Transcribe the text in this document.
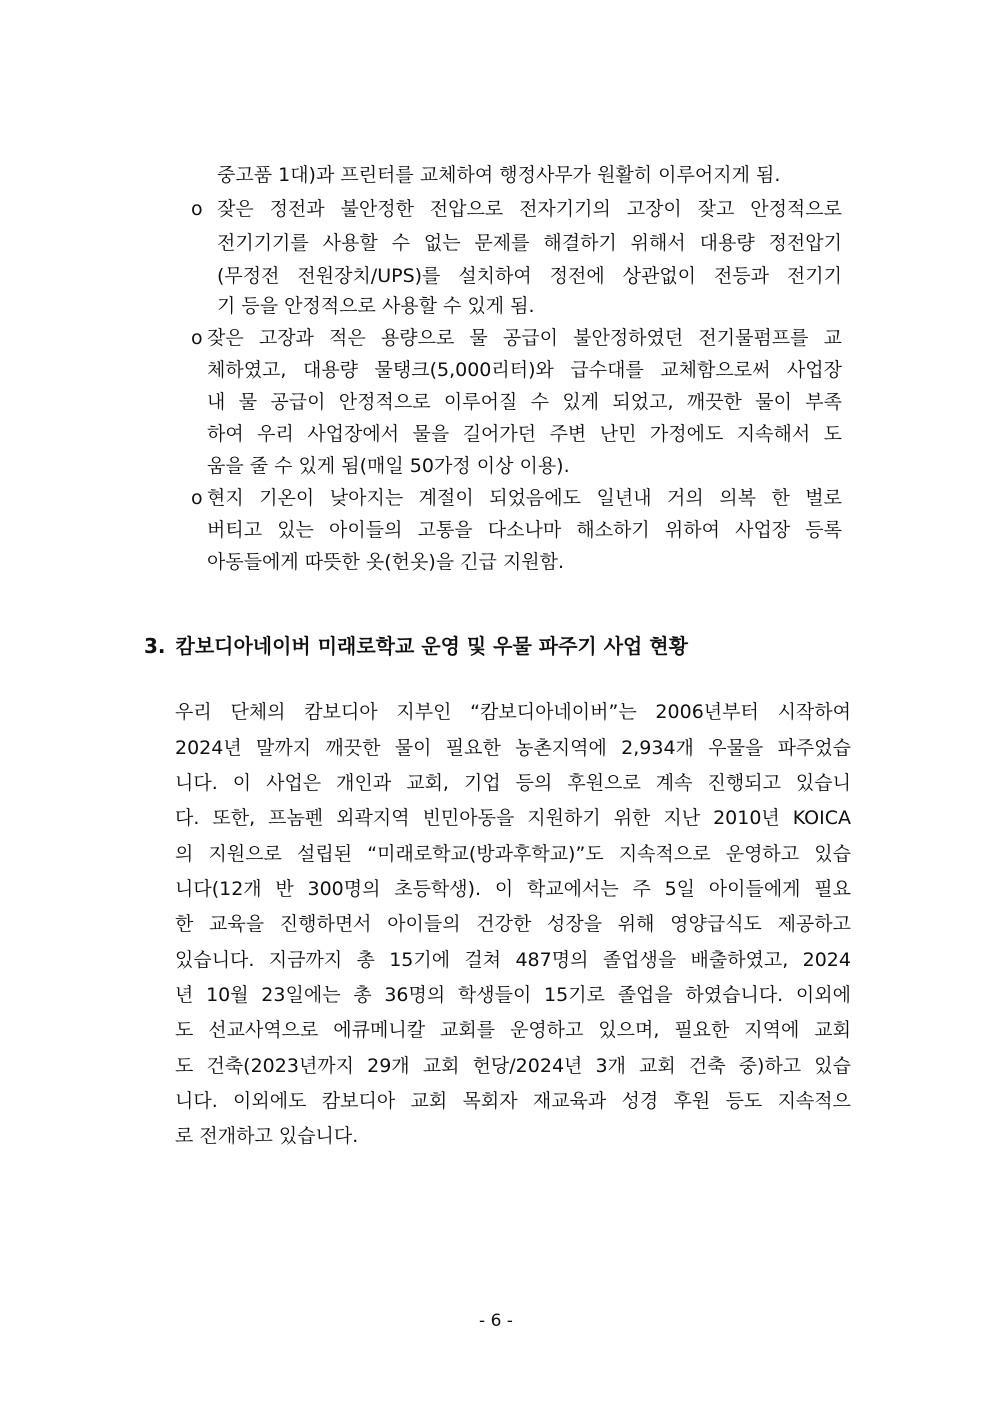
중고품 1대)과 프린터를 교체하여 행정사무가 원활히 이루어지게 됨.
o 잦은 정전과 불안정한 전압으로 전자기기의 고장이 잦고 안정적으로
전기기기를 사용할 수 없는 문제를 해결하기 위해서 대용량 정전압기
(무정전 전원장치/UPS)를 설치하여 정전에 상관없이 전등과 전기기
기 등을 안정적으로 사용할 수 있게 됨.
o 잦은 고장과 적은 용량으로 물 공급이 불안정하였던 전기물펌프를 교
체하였고, 대용량 물탱크(5,000리터)와 급수대를 교체함으로써 사업장
내 물 공급이 안정적으로 이루어질 수 있게 되었고, 깨끗한 물이 부족
하여 우리 사업장에서 물을 길어가던 주변 난민 가정에도 지속해서 도
움을 줄 수 있게 됨(매일 50가정 이상 이용).
o 현지 기온이 낮아지는 계절이 되었음에도 일년내 거의 의복 한 벌로
버티고 있는 아이들의 고통을 다소나마 해소하기 위하여 사업장 등록
아동들에게 따뜻한 옷(헌옷)을 긴급 지원함.
3. 캄보디아네이버 미래로학교 운영 및 우물 파주기 사업 현황
우리 단체의 캄보디아 지부인 “캄보디아네이버”는 2006년부터 시작하여
2024년 말까지 깨끗한 물이 필요한 농촌지역에 2,934개 우물을 파주었습
니다. 이 사업은 개인과 교회, 기업 등의 후원으로 계속 진행되고 있습니
다. 또한, 프놈펜 외곽지역 빈민아동을 지원하기 위한 지난 2010년 KOICA
의 지원으로 설립된 “미래로학교(방과후학교)”도 지속적으로 운영하고 있습
니다(12개 반 300명의 초등학생). 이 학교에서는 주 5일 아이들에게 필요
한 교육을 진행하면서 아이들의 건강한 성장을 위해 영양급식도 제공하고
있습니다. 지금까지 총 15기에 걸쳐 487명의 졸업생을 배출하였고, 2024
년 10월 23일에는 총 36명의 학생들이 15기로 졸업을 하였습니다. 이외에
도 선교사역으로 에큐메니칼 교회를 운영하고 있으며, 필요한 지역에 교회
도 건축(2023년까지 29개 교회 헌당/2024년 3개 교회 건축 중)하고 있습
니다. 이외에도 캄보디아 교회 목회자 재교육과 성경 후원 등도 지속적으
로 전개하고 있습니다.
- 6 -
